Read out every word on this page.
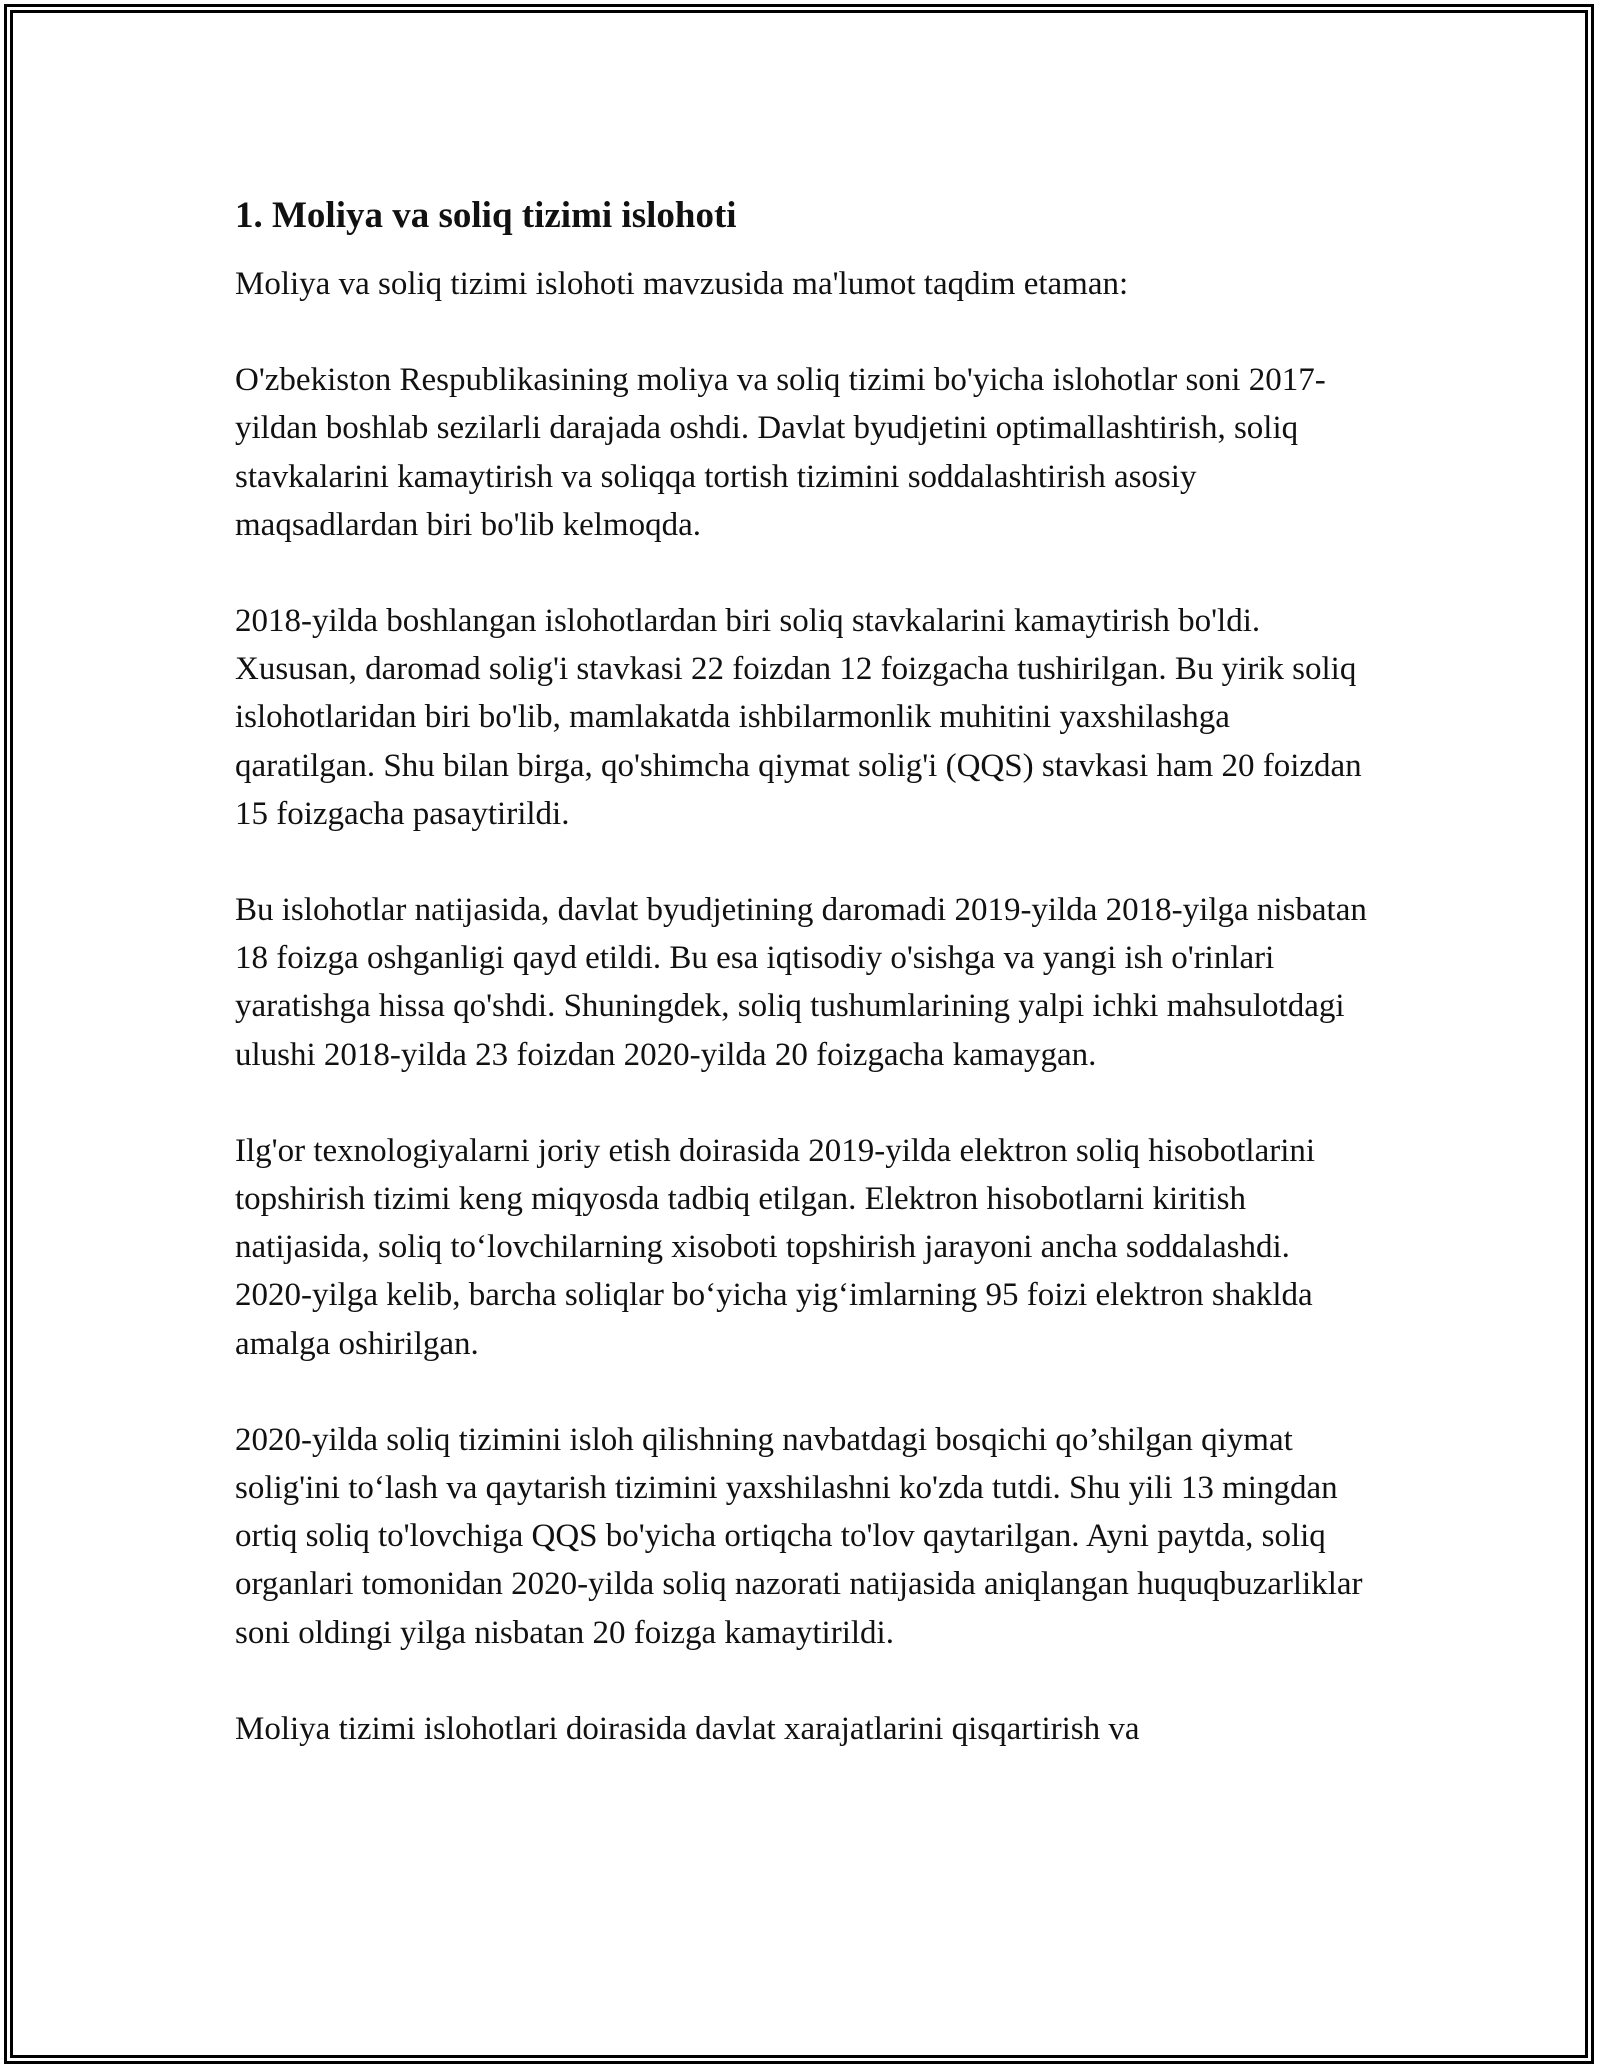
1. Moliya va soliq tizimi islohoti

Moliya va soliq tizimi islohoti mavzusida ma'lumot taqdim etaman:

O'zbekiston Respublikasining moliya va soliq tizimi bo'yicha islohotlar soni 2017-yildan boshlab sezilarli darajada oshdi. Davlat byudjetini optimallashtirish, soliq stavkalarini kamaytirish va soliqqa tortish tizimini soddalashtirish asosiy maqsadlardan biri bo'lib kelmoqda.

2018-yilda boshlangan islohotlardan biri soliq stavkalarini kamaytirish bo'ldi. Xususan, daromad solig'i stavkasi 22 foizdan 12 foizgacha tushirilgan. Bu yirik soliq islohotlaridan biri bo'lib, mamlakatda ishbilarmonlik muhitini yaxshilashga qaratilgan. Shu bilan birga, qo'shimcha qiymat solig'i (QQS) stavkasi ham 20 foizdan 15 foizgacha pasaytirildi.

Bu islohotlar natijasida, davlat byudjetining daromadi 2019-yilda 2018-yilga nisbatan 18 foizga oshganligi qayd etildi. Bu esa iqtisodiy o'sishga va yangi ish o'rinlari yaratishga hissa qo'shdi. Shuningdek, soliq tushumlarining yalpi ichki mahsulotdagi ulushi 2018-yilda 23 foizdan 2020-yilda 20 foizgacha kamaygan.

Ilg'or texnologiyalarni joriy etish doirasida 2019-yilda elektron soliq hisobotlarini topshirish tizimi keng miqyosda tadbiq etilgan. Elektron hisobotlarni kiritish natijasida, soliq to‘lovchilarning xisoboti topshirish jarayoni ancha soddalashdi. 2020-yilga kelib, barcha soliqlar bo‘yicha yig‘imlarning 95 foizi elektron shaklda amalga oshirilgan.

2020-yilda soliq tizimini isloh qilishning navbatdagi bosqichi qo’shilgan qiymat solig'ini to‘lash va qaytarish tizimini yaxshilashni ko'zda tutdi. Shu yili 13 mingdan ortiq soliq to'lovchiga QQS bo'yicha ortiqcha to'lov qaytarilgan. Ayni paytda, soliq organlari tomonidan 2020-yilda soliq nazorati natijasida aniqlangan huquqbuzarliklar soni oldingi yilga nisbatan 20 foizga kamaytirildi.

Moliya tizimi islohotlari doirasida davlat xarajatlarini qisqartirish va
